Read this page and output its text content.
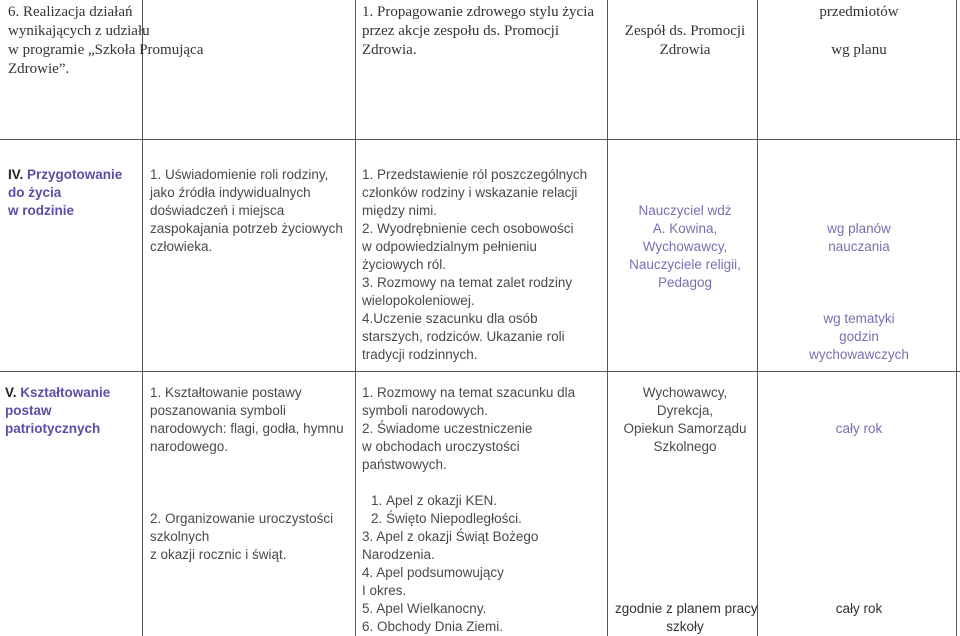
6. Realizacja działań
wynikających z udziału
w programie „Szkoła Promująca
Zdrowie”.
1. Propagowanie zdrowego stylu życia
przez akcje zespołu ds. Promocji
Zdrowia.
Zespół ds. Promocji
Zdrowia
przedmiotów
wg planu
IV. Przygotowanie
do życia
w rodzinie
1. Uświadomienie roli rodziny,
jako źródła indywidualnych
doświadczeń i miejsca
zaspokajania potrzeb życiowych
człowieka.
1. Przedstawienie ról poszczególnych
członków rodziny i wskazanie relacji
między nimi.
2. Wyodrębnienie cech osobowości
w odpowiedzialnym pełnieniu
życiowych ról.
3. Rozmowy na temat zalet rodziny
wielopokoleniowej.
4.Uczenie szacunku dla osób
starszych, rodziców. Ukazanie roli
tradycji rodzinnych.
Nauczyciel wdż
A. Kowina,
Wychowawcy,
Nauczyciele religii,
Pedagog
wg planów
nauczania
wg tematyki
godzin
wychowawczych
V. Kształtowanie
postaw
patriotycznych
1. Kształtowanie postawy
poszanowania symboli
narodowych: flagi, godła, hymnu
narodowego.
1. Rozmowy na temat szacunku dla
symboli narodowych.
2. Świadome uczestniczenie
w obchodach uroczystości
państwowych.
Wychowawcy,
Dyrekcja,
Opiekun Samorządu
Szkolnego
cały rok
2. Organizowanie uroczystości
szkolnych
z okazji rocznic i świąt.
1. Apel z okazji KEN.
2. Święto Niepodległości.
3. Apel z okazji Świąt Bożego
Narodzenia.
4. Apel podsumowujący
I okres.
5. Apel Wielkanocny.
6. Obchody Dnia Ziemi.
zgodnie z planem pracy
szkoły
cały rok
